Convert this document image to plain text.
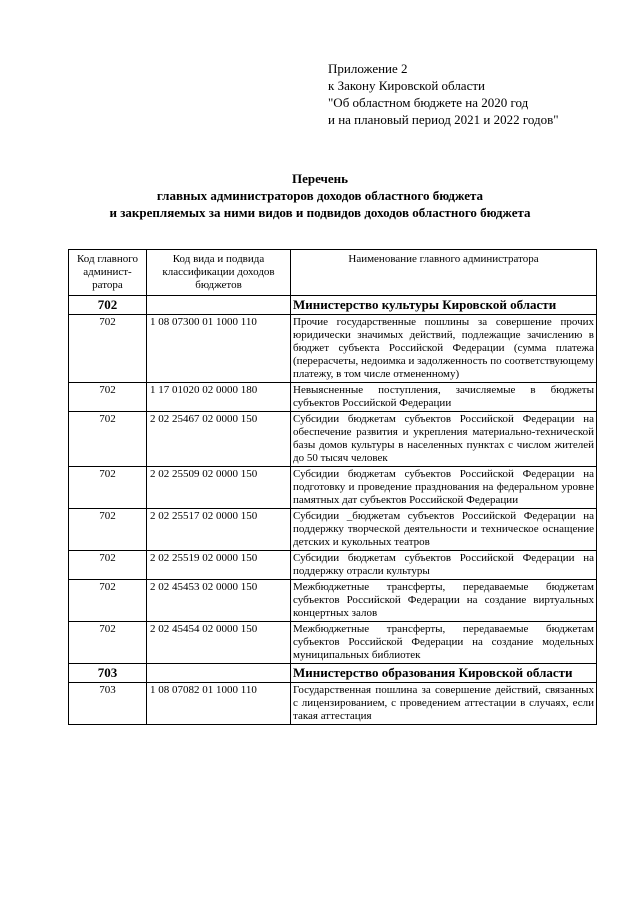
Приложение 2
к Закону Кировской области
"Об областном бюджете на 2020 год
и на плановый период 2021 и 2022 годов"
Перечень
главных администраторов доходов областного бюджета
и закрепляемых за ними видов и подвидов доходов областного бюджета
Код главного админист- ратора	Код вида и подвида классификации доходов бюджетов	Наименование главного администратора
702		Министерство культуры Кировской области
702	1 08 07300 01 1000 110	Прочие государственные пошлины за совершение прочих юридически значимых действий, подлежащие зачислению в бюджет субъекта Российской Федерации (сумма платежа (перерасчеты, недоимка и задолженность по соответствующему платежу, в том числе отмененному)
702	1 17 01020 02 0000 180	Невыясненные поступления, зачисляемые в бюджеты субъектов Российской Федерации
702	2 02 25467 02 0000 150	Субсидии бюджетам субъектов Российской Федерации на обеспечение развития и укрепления материально-технической базы домов культуры в населенных пунктах с числом жителей до 50 тысяч человек
702	2 02 25509 02 0000 150	Субсидии бюджетам субъектов Российской Федерации на подготовку и проведение празднования на федеральном уровне памятных дат субъектов Российской Федерации
702	2 02 25517 02 0000 150	Субсидии _бюджетам субъектов Российской Федерации на поддержку творческой деятельности и техническое оснащение детских и кукольных театров
702	2 02 25519 02 0000 150	Субсидии бюджетам субъектов Российской Федерации на поддержку отрасли культуры
702	2 02 45453 02 0000 150	Межбюджетные трансферты, передаваемые бюджетам субъектов Российской Федерации на создание виртуальных концертных залов
702	2 02 45454 02 0000 150	Межбюджетные трансферты, передаваемые бюджетам субъектов Российской Федерации на создание модельных муниципальных библиотек
703		Министерство образования Кировской области
703	1 08 07082 01 1000 110	Государственная пошлина за совершение действий, связанных с лицензированием, с проведением аттестации в случаях, если такая аттестация
